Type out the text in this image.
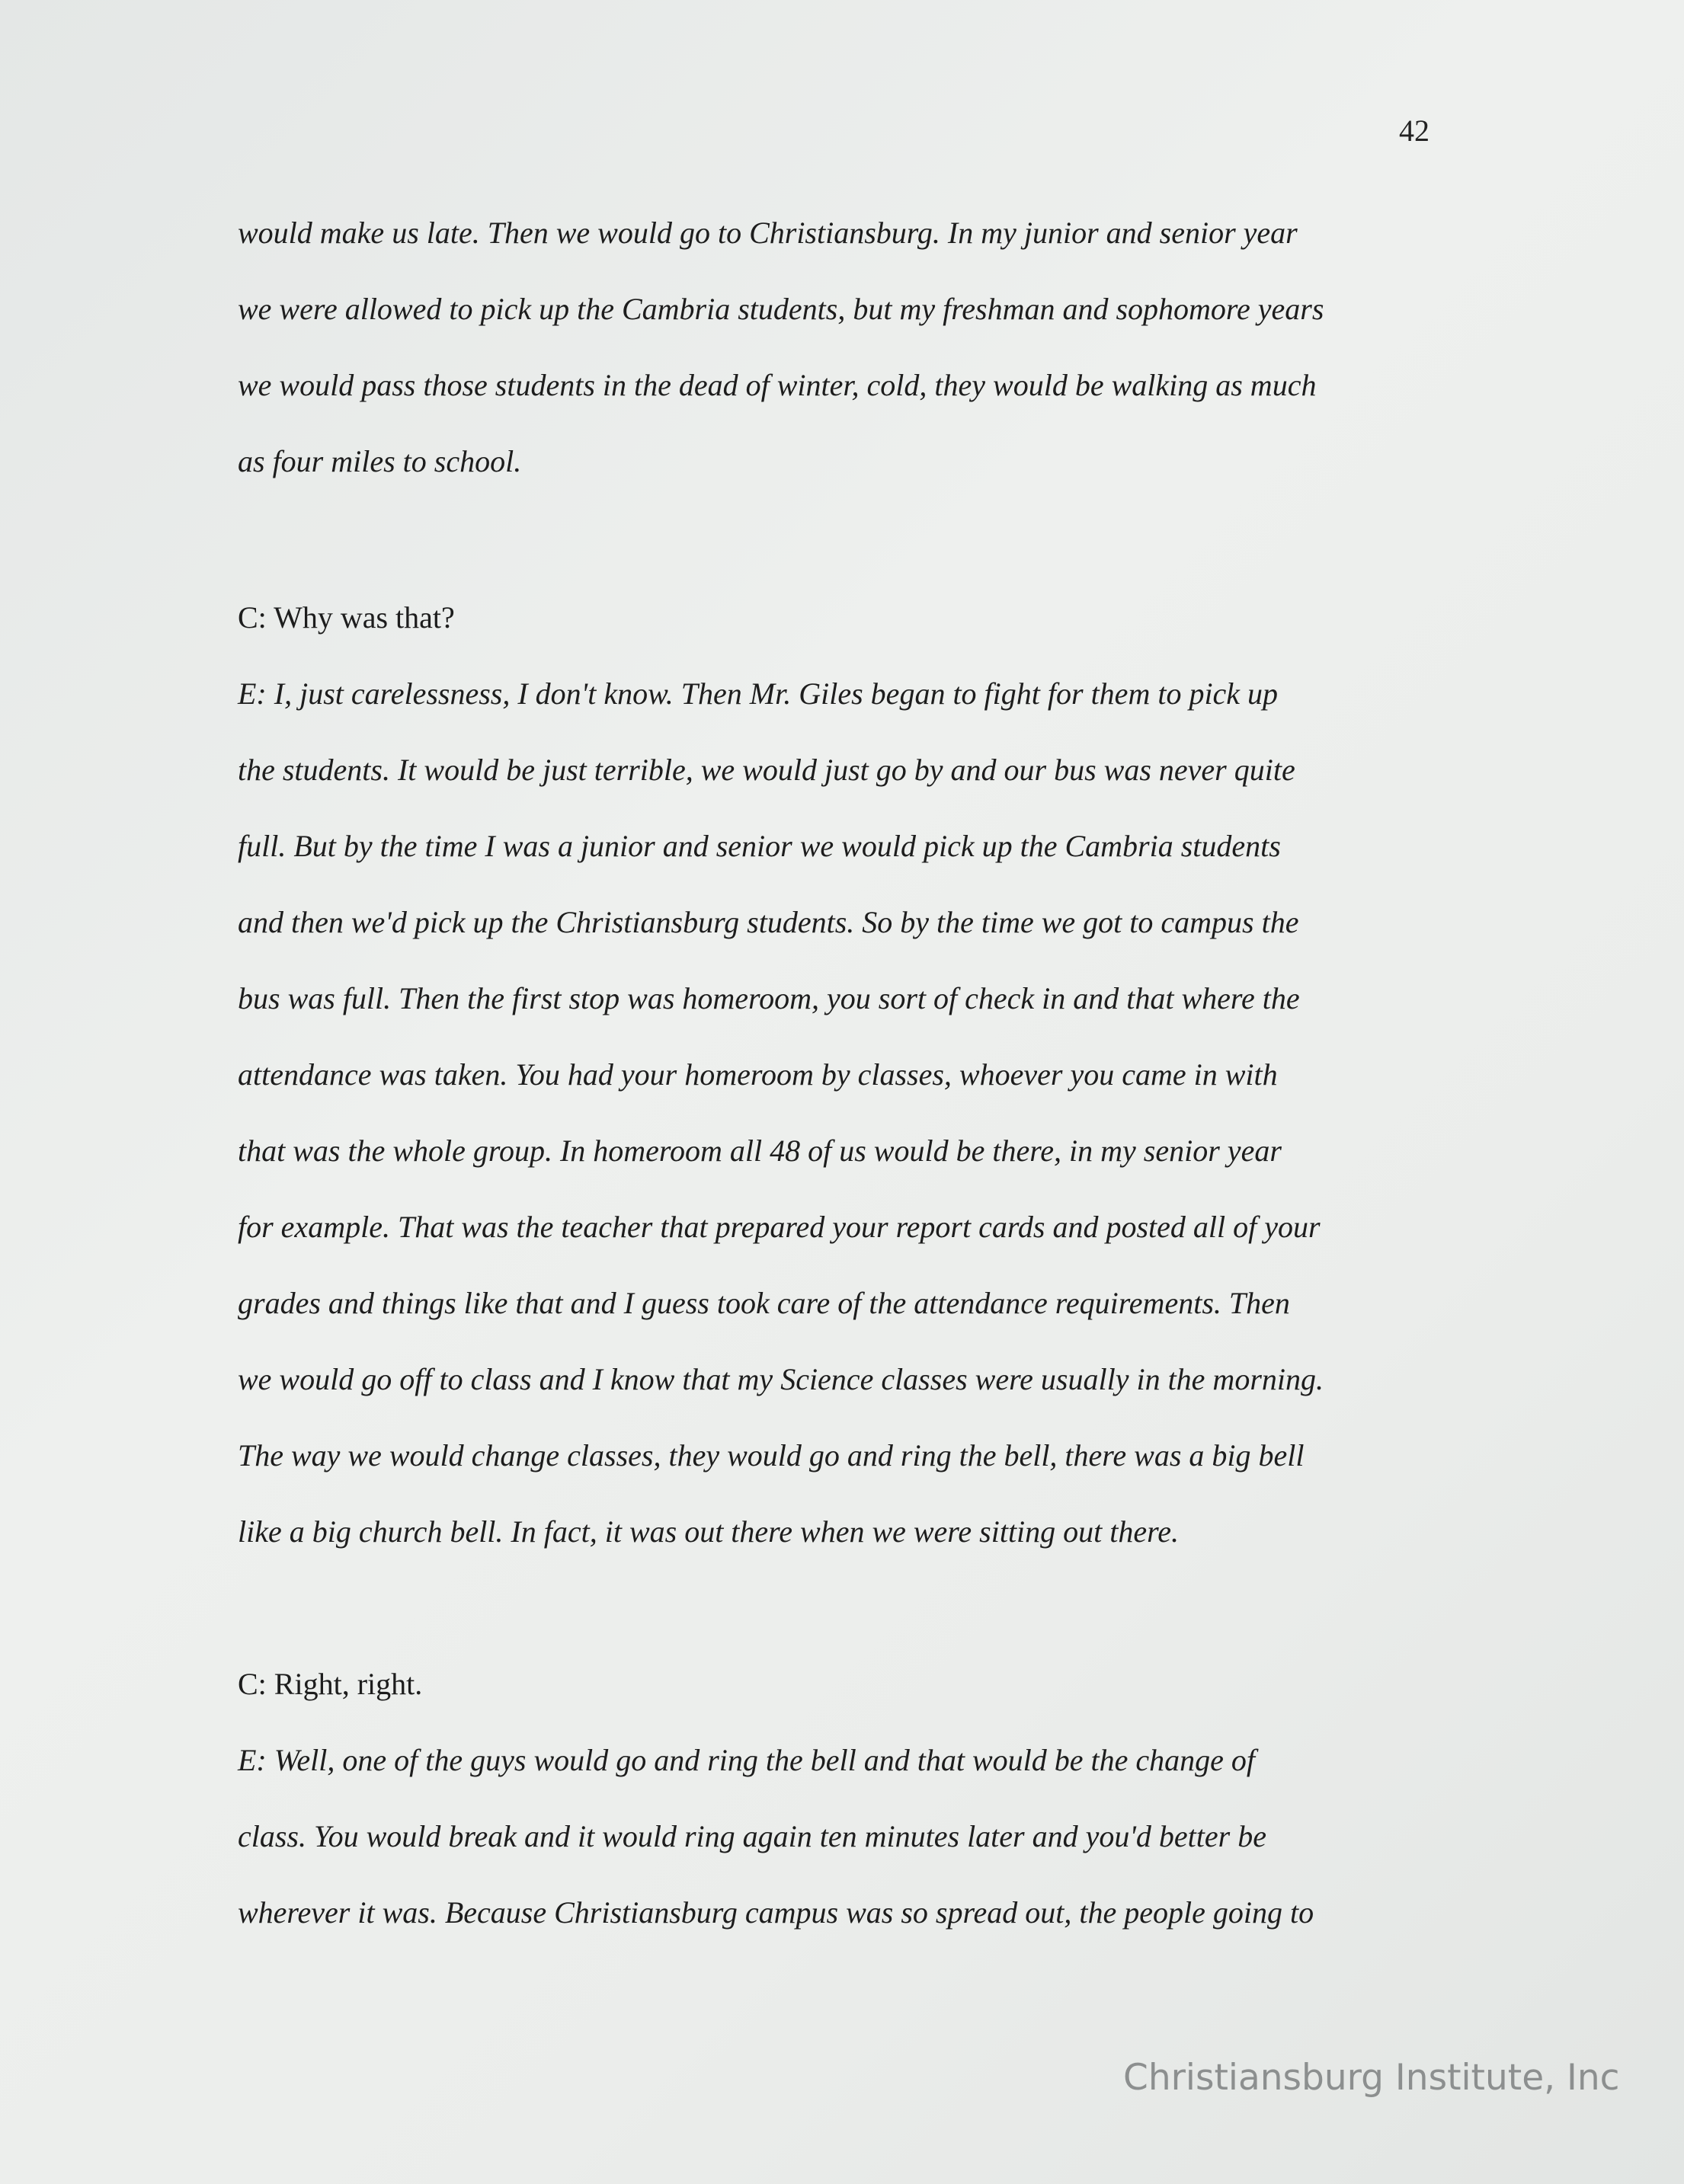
42
would make us late. Then we would go to Christiansburg. In my junior and senior year
we were allowed to pick up the Cambria students, but my freshman and sophomore years
we would pass those students in the dead of winter, cold, they would be walking as much
as four miles to school.
C: Why was that?
E: I, just carelessness, I don't know. Then Mr. Giles began to fight for them to pick up
the students. It would be just terrible, we would just go by and our bus was never quite
full. But by the time I was a junior and senior we would pick up the Cambria students
and then we'd pick up the Christiansburg students. So by the time we got to campus the
bus was full. Then the first stop was homeroom, you sort of check in and that where the
attendance was taken. You had your homeroom by classes, whoever you came in with
that was the whole group. In homeroom all 48 of us would be there, in my senior year
for example. That was the teacher that prepared your report cards and posted all of your
grades and things like that and I guess took care of the attendance requirements. Then
we would go off to class and I know that my Science classes were usually in the morning.
The way we would change classes, they would go and ring the bell, there was a big bell
like a big church bell. In fact, it was out there when we were sitting out there.
C: Right, right.
E: Well, one of the guys would go and ring the bell and that would be the change of
class. You would break and it would ring again ten minutes later and you'd better be
wherever it was. Because Christiansburg campus was so spread out, the people going to
Christiansburg Institute, Inc
